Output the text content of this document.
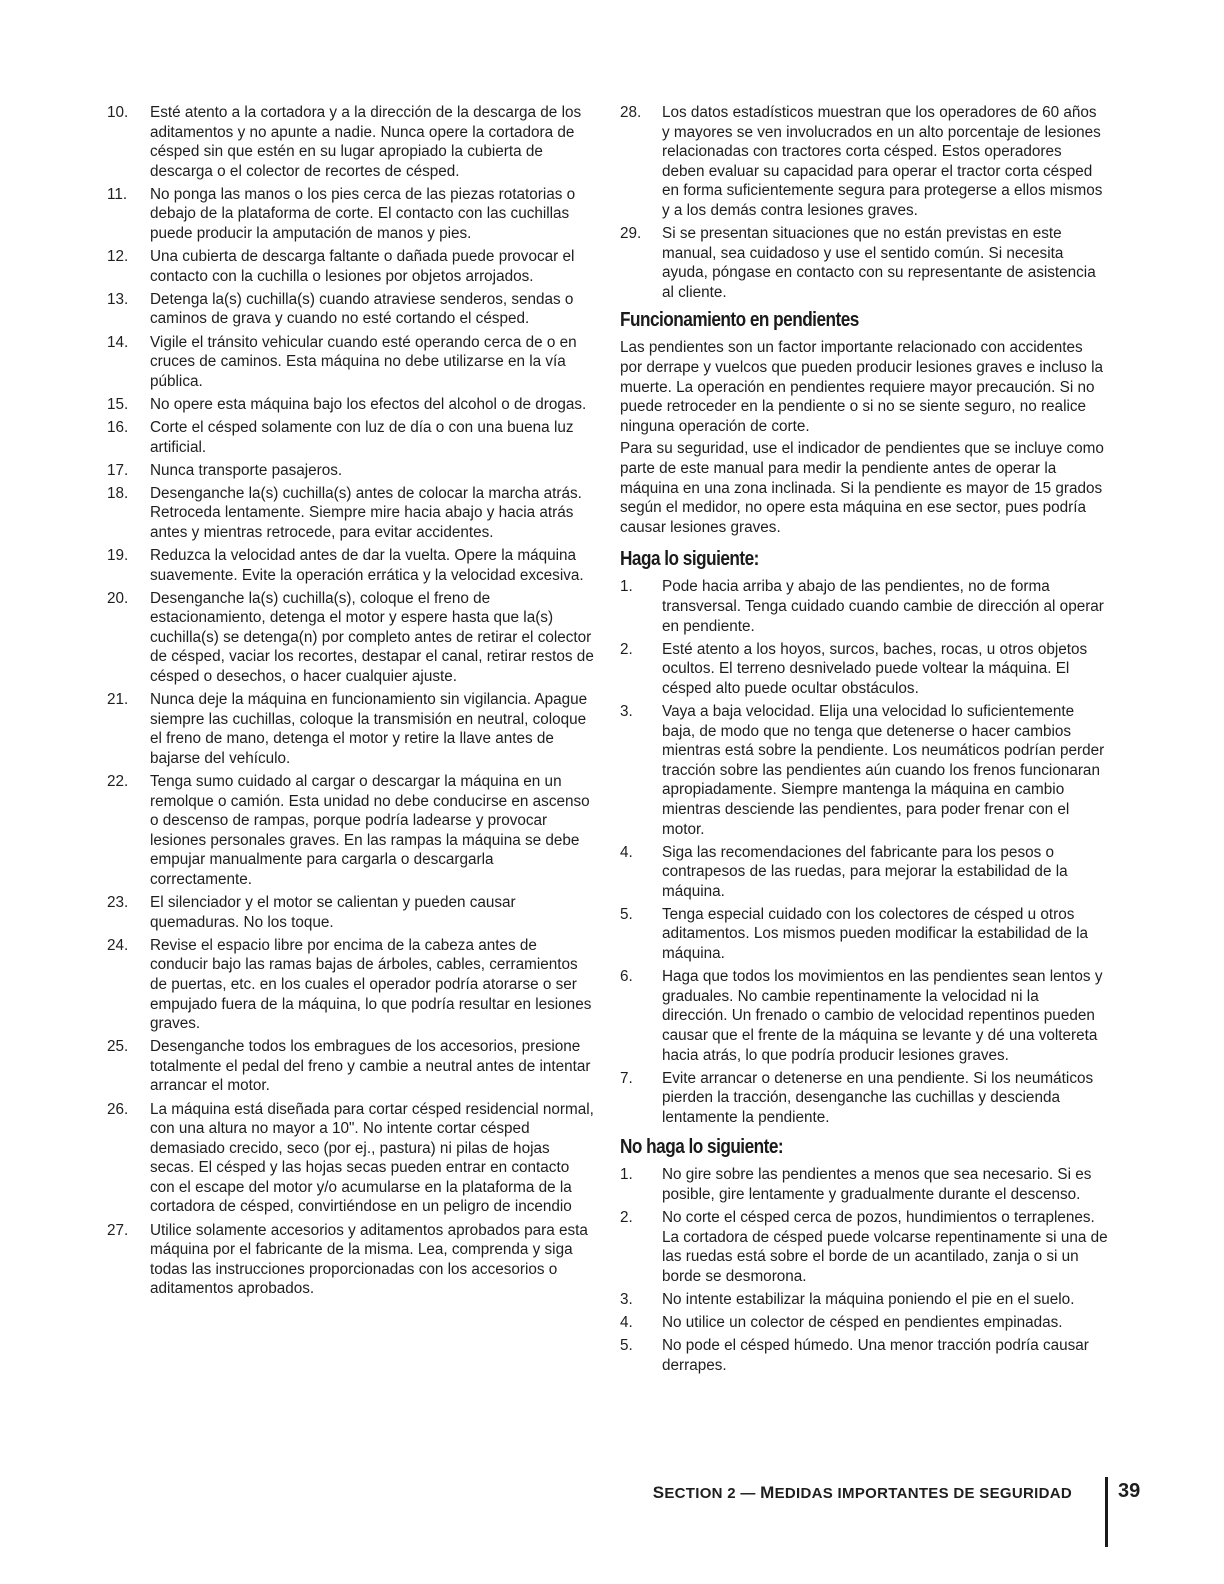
10.	Esté atento a la cortadora y a la dirección de la descarga de los aditamentos y no apunte a nadie. Nunca opere la cortadora de césped sin que estén en su lugar apropiado la cubierta de descarga o el colector de recortes de césped.
11.	No ponga las manos o los pies cerca de las piezas rotatorias o debajo de la plataforma de corte. El contacto con las cuchillas puede producir la amputación de manos y pies.
12.	Una cubierta de descarga faltante o dañada puede provocar el contacto con la cuchilla o lesiones por objetos arrojados.
13.	Detenga la(s) cuchilla(s) cuando atraviese senderos, sendas o caminos de grava y cuando no esté cortando el césped.
14.	Vigile el tránsito vehicular cuando esté operando cerca de o en cruces de caminos. Esta máquina no debe utilizarse en la vía pública.
15.	No opere esta máquina bajo los efectos del alcohol o de drogas.
16.	Corte el césped solamente con luz de día o con una buena luz artificial.
17.	Nunca transporte pasajeros.
18.	Desenganche la(s) cuchilla(s) antes de colocar la marcha atrás. Retroceda lentamente. Siempre mire hacia abajo y hacia atrás antes y mientras retrocede, para evitar accidentes.
19.	Reduzca la velocidad antes de dar la vuelta. Opere la máquina suavemente. Evite la operación errática y la velocidad excesiva.
20.	Desenganche la(s) cuchilla(s), coloque el freno de estacionamiento, detenga el motor y espere hasta que la(s) cuchilla(s) se detenga(n) por completo antes de retirar el colector de césped, vaciar los recortes, destapar el canal, retirar restos de césped o desechos, o hacer cualquier ajuste.
21.	Nunca deje la máquina en funcionamiento sin vigilancia. Apague siempre las cuchillas, coloque la transmisión en neutral, coloque el freno de mano, detenga el motor y retire la llave antes de bajarse del vehículo.
22.	Tenga sumo cuidado al cargar o descargar la máquina en un remolque o camión. Esta unidad no debe conducirse en ascenso o descenso de rampas, porque podría ladearse y provocar lesiones personales graves. En las rampas la máquina se debe empujar manualmente para cargarla o descargarla correctamente.
23.	El silenciador y el motor se calientan y pueden causar quemaduras. No los toque.
24.	Revise el espacio libre por encima de la cabeza antes de conducir bajo las ramas bajas de árboles, cables, cerramientos de puertas, etc. en los cuales el operador podría atorarse o ser empujado fuera de la máquina, lo que podría resultar en lesiones graves.
25.	Desenganche todos los embragues de los accesorios, presione totalmente el pedal del freno y cambie a neutral antes de intentar arrancar el motor.
26.	La máquina está diseñada para cortar césped residencial normal, con una altura no mayor a 10". No intente cortar césped demasiado crecido, seco (por ej., pastura) ni pilas de hojas secas. El césped y las hojas secas pueden entrar en contacto con el escape del motor y/o acumularse en la plataforma de la cortadora de césped, convirtiéndose en un peligro de incendio
27.	Utilice solamente accesorios y aditamentos aprobados para esta máquina por el fabricante de la misma. Lea, comprenda y siga todas las instrucciones proporcionadas con los accesorios o aditamentos aprobados.
28.	Los datos estadísticos muestran que los operadores de 60 años y mayores se ven involucrados en un alto porcentaje de lesiones relacionadas con tractores corta césped. Estos operadores deben evaluar su capacidad para operar el tractor corta césped en forma suficientemente segura para protegerse a ellos mismos y a los demás contra lesiones graves.
29.	Si se presentan situaciones que no están previstas en este manual, sea cuidadoso y use el sentido común. Si necesita ayuda, póngase en contacto con su representante de asistencia al cliente.
Funcionamiento en pendientes

Las pendientes son un factor importante relacionado con accidentes por derrape y vuelcos que pueden producir lesiones graves e incluso la muerte. La operación en pendientes requiere mayor precaución. Si no puede retroceder en la pendiente o si no se siente seguro, no realice ninguna operación de corte.

Para su seguridad, use el indicador de pendientes que se incluye como parte de este manual para medir la pendiente antes de operar la máquina en una zona inclinada. Si la pendiente es mayor de 15 grados según el medidor, no opere esta máquina en ese sector, pues podría causar lesiones graves.

Haga lo siguiente:
1.	Pode hacia arriba y abajo de las pendientes, no de forma transversal. Tenga cuidado cuando cambie de dirección al operar en pendiente.
2.	Esté atento a los hoyos, surcos, baches, rocas, u otros objetos ocultos. El terreno desnivelado puede voltear la máquina. El césped alto puede ocultar obstáculos.
3.	Vaya a baja velocidad. Elija una velocidad lo suficientemente baja, de modo que no tenga que detenerse o hacer cambios mientras está sobre la pendiente. Los neumáticos podrían perder tracción sobre las pendientes aún cuando los frenos funcionaran apropiadamente. Siempre mantenga la máquina en cambio mientras desciende las pendientes, para poder frenar con el motor.
4.	Siga las recomendaciones del fabricante para los pesos o contrapesos de las ruedas, para mejorar la estabilidad de la máquina.
5.	Tenga especial cuidado con los colectores de césped u otros aditamentos. Los mismos pueden modificar la estabilidad de la máquina.
6.	Haga que todos los movimientos en las pendientes sean lentos y graduales. No cambie repentinamente la velocidad ni la dirección. Un frenado o cambio de velocidad repentinos pueden causar que el frente de la máquina se levante y dé una voltereta hacia atrás, lo que podría producir lesiones graves.
7.	Evite arrancar o detenerse en una pendiente. Si los neumáticos pierden la tracción, desenganche las cuchillas y descienda lentamente la pendiente.
No haga lo siguiente:
1.	No gire sobre las pendientes a menos que sea necesario. Si es posible, gire lentamente y gradualmente durante el descenso.
2.	No corte el césped cerca de pozos, hundimientos o terraplenes. La cortadora de césped puede volcarse repentinamente si una de las ruedas está sobre el borde de un acantilado, zanja o si un borde se desmorona.
3.	No intente estabilizar la máquina poniendo el pie en el suelo.
4.	No utilice un colector de césped en pendientes empinadas.
5.	No pode el césped húmedo. Una menor tracción podría causar derrapes.
SECTION 2 — MEDIDAS IMPORTANTES DE SEGURIDAD 39
